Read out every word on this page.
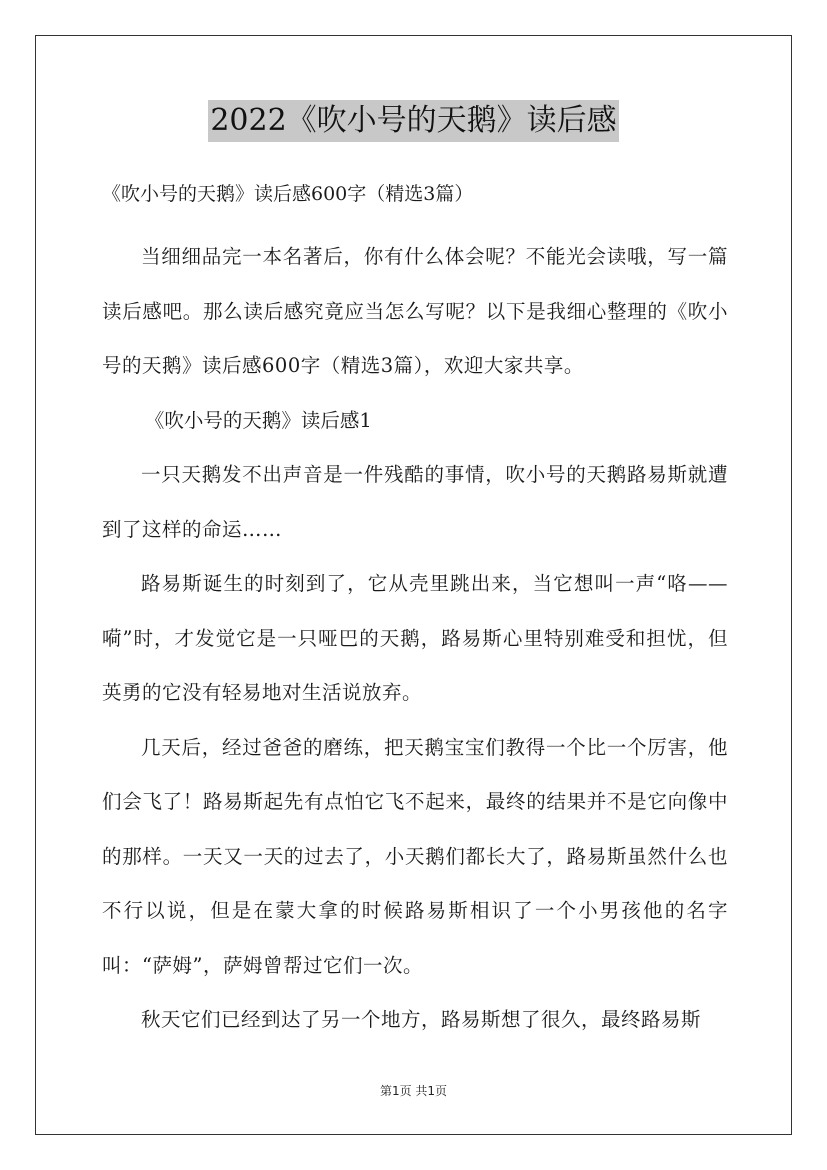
2022《吹小号的天鹅》读后感

《吹小号的天鹅》读后感600字（精选3篇）

当细细品完一本名著后，你有什么体会呢？不能光会读哦，写一篇读后感吧。那么读后感究竟应当怎么写呢？以下是我细心整理的《吹小号的天鹅》读后感600字（精选3篇），欢迎大家共享。

《吹小号的天鹅》读后感1

一只天鹅发不出声音是一件残酷的事情，吹小号的天鹅路易斯就遭到了这样的命运……

路易斯诞生的时刻到了，它从壳里跳出来，当它想叫一声“咯——嗬”时，才发觉它是一只哑巴的天鹅，路易斯心里特别难受和担忧，但英勇的它没有轻易地对生活说放弃。

几天后，经过爸爸的磨练，把天鹅宝宝们教得一个比一个厉害，他们会飞了！路易斯起先有点怕它飞不起来，最终的结果并不是它向像中的那样。一天又一天的过去了，小天鹅们都长大了，路易斯虽然什么也不行以说，但是在蒙大拿的时候路易斯相识了一个小男孩他的名字叫：“萨姆”，萨姆曾帮过它们一次。

秋天它们已经到达了另一个地方，路易斯想了很久，最终路易斯

第1页 共1页
